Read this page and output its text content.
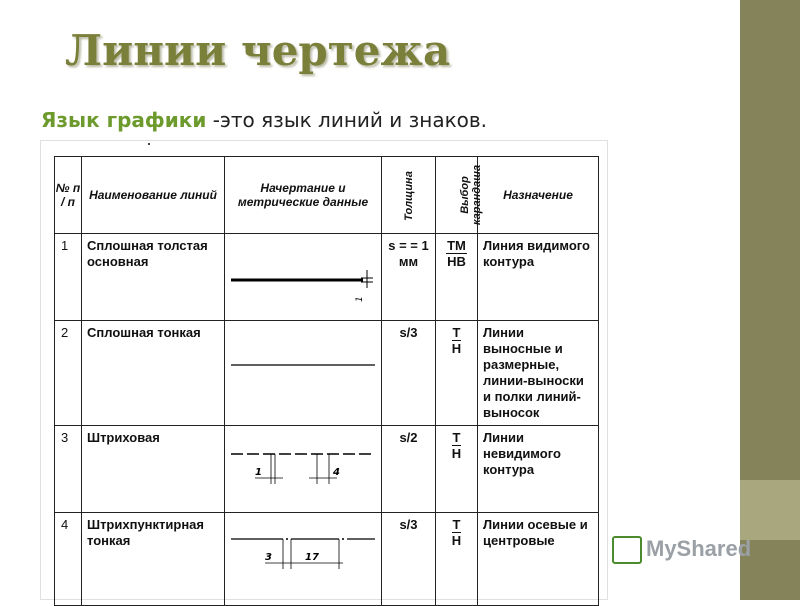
Линии чертежа
Язык графики -это язык линий и знаков.
№ п / п	Наименование линий	Начертание и метрические данные	Толщина	Выбор карандаша	Назначение
1	Сплошная толстая основная	1	s = = 1 мм	$\frac{ТМ}{НВ}$	Линия видимого контура
2	Сплошная тонкая		s/3	$\frac{Т}{Н}$	Линии выносные и размерные, линии-выноски и полки линий-выносок
3	Штриховая	1 4	s/2	$\frac{Т}{Н}$	Линии невидимого контура
4	Штрихпунктирная тонкая	3 17	s/3	$\frac{Т}{Н}$	Линии осевые и центровые	MyShared
